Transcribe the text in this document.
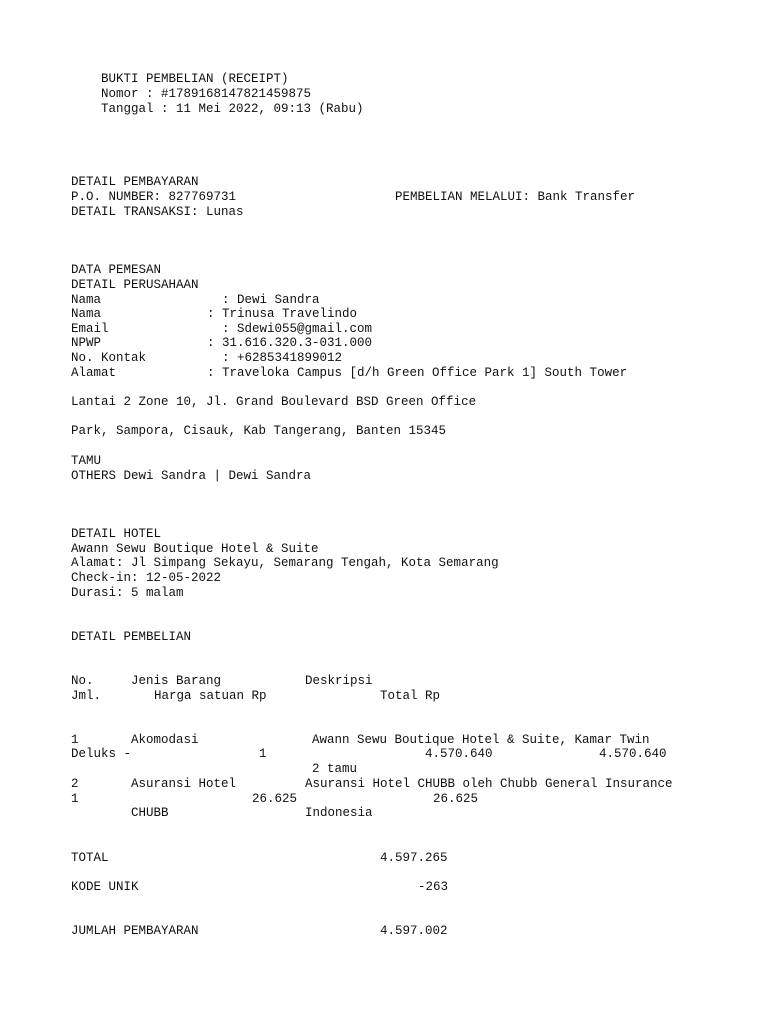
BUKTI PEMBELIAN (RECEIPT)
Nomor : #1789168147821459875
Tanggal : 11 Mei 2022, 09:13 (Rabu)
DETAIL PEMBAYARAN
P.O. NUMBER: 827769731	PEMBELIAN MELALUI: Bank Transfer
DETAIL TRANSAKSI: Lunas
DATA PEMESAN
DETAIL PERUSAHAAN
Nama	: Dewi Sandra
Nama	: Trinusa Travelindo
Email	: Sdewi055@gmail.com
NPWP	: 31.616.320.3-031.000
No. Kontak	: +6285341899012
Alamat	: Traveloka Campus [d/h Green Office Park 1] South Tower
Lantai 2 Zone 10, Jl. Grand Boulevard BSD Green Office
Park, Sampora, Cisauk, Kab Tangerang, Banten 15345
TAMU
OTHERS Dewi Sandra | Dewi Sandra
DETAIL HOTEL
Awann Sewu Boutique Hotel & Suite
Alamat: Jl Simpang Sekayu, Semarang Tengah, Kota Semarang
Check-in: 12-05-2022
Durasi: 5 malam
DETAIL PEMBELIAN
No.	Jenis Barang	Deskripsi
Jml.	Harga satuan Rp	Total Rp
1	Akomodasi	Awann Sewu Boutique Hotel & Suite, Kamar Twin
Deluks -	1	4.570.640	4.570.640
2 tamu
2	Asuransi Hotel	Asuransi Hotel CHUBB oleh Chubb General Insurance
1	26.625	26.625
CHUBB	Indonesia
TOTAL	4.597.265
KODE UNIK	-263
JUMLAH PEMBAYARAN	4.597.002
